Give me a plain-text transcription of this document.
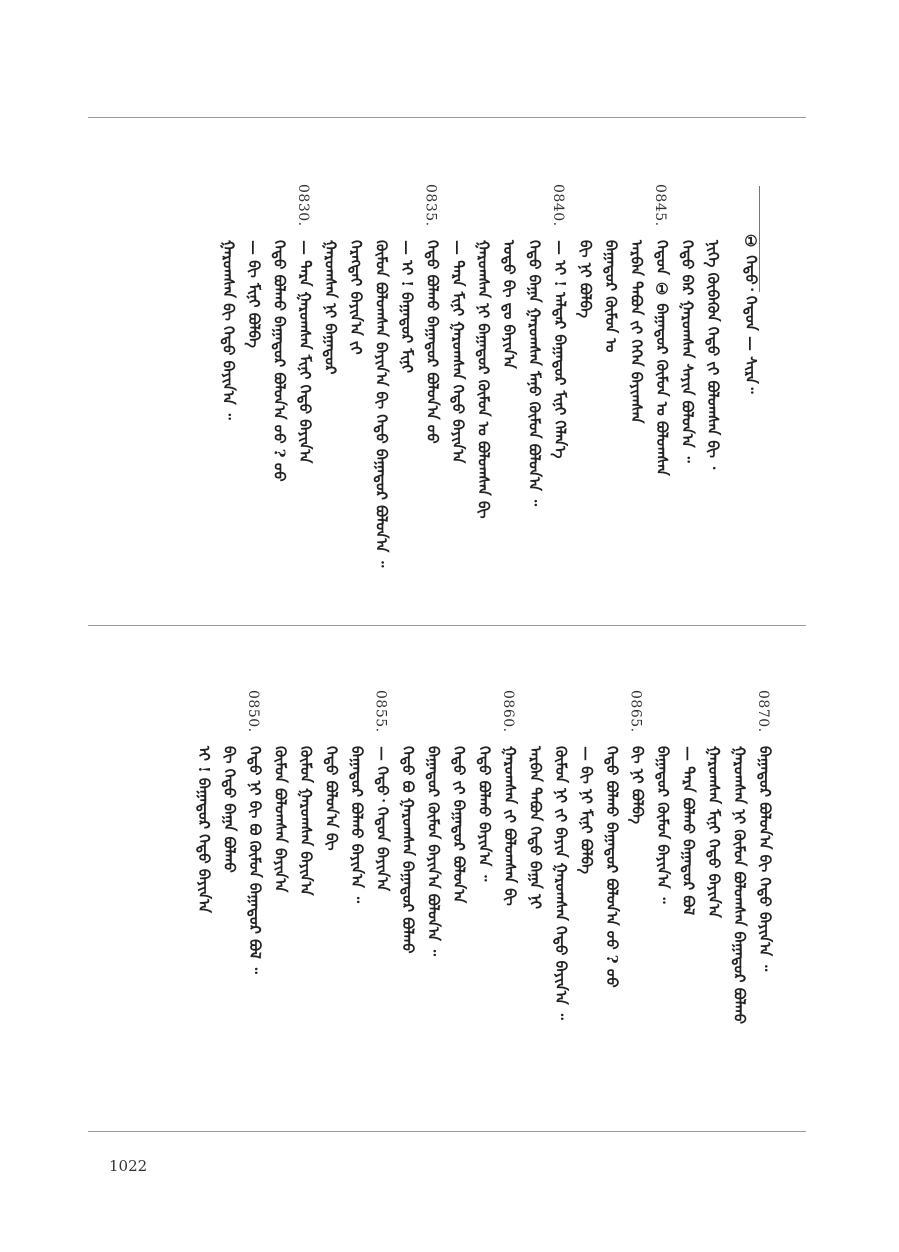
ᠨᠢᠭᠡ ᠬᠥᠪᠡᠭᠦᠨ ᠬᠡᠳᠦ ᠵᠢ ᠪᠤᠯᠤᠭᠰᠠᠨ ᠪᠢ ᠂
ᠬᠡᠳᠦ ᠪᠡᠷ ᠭᠠᠷᠤᠭᠰᠠᠨ ᠰᠠᠶᠢᠨ ᠪᠣᠯᠤᠨ᠎ᠠ ᠃
0845.
ᠬᠡᠳᠦᠨ ① ᠪᠠᠭᠠᠲᠤᠷ ᠬᠦᠮᠦᠨ ᠤ ᠪᠣᠯᠤᠭᠰᠠᠨ
ᠠᠷᠪᠠᠨ ᠲᠠᠪᠤᠨ ᠵᠢ ᠭᠡᠭᠡᠨ ᠪᠠᠶᠢᠭᠰᠠᠨ
ᠪᠠᠭᠠᠲᠤᠷ ᠬᠦᠮᠦᠨ ᠤ
ᠪᠢ ᠨᠢ ᠪᠣᠯᠪᠠ
0840.
— ᠡᠢ ! ᠠᠯᠳᠠᠷ ᠪᠠᠭᠠᠲᠤᠷ ᠮᠢᠨᠢ ᠬᠡᠯᠡᠨ᠎ᠡ
ᠬᠡᠳᠦ ᠪᠠᠭᠠ ᠭᠠᠷᠤᠭᠰᠠᠨ ᠮᠠᠨᠤ ᠬᠦᠮᠦᠨ ᠪᠣᠯᠤᠨ᠎ᠠ ᠃
ᠣᠳᠣ ᠪᠢ ᠳᠤ ᠪᠠᠶᠢᠨ᠎ᠠ
ᠭᠠᠷᠤᠭᠰᠠᠨ ᠨᠢ ᠪᠠᠭᠠᠲᠤᠷ ᠬᠦᠮᠦᠨ ᠤ ᠪᠣᠯᠤᠭᠰᠠᠨ ᠪᠢ
— ᠲᠡᠷᠡ ᠮᠢᠨᠢ ᠭᠠᠷᠤᠭᠰᠠᠨ ᠬᠡᠳᠦ ᠪᠠᠶᠢᠨ᠎ᠠ
0835.
ᠬᠡᠳᠦ ᠪᠣᠯᠬᠤ ᠪᠠᠭᠠᠲᠤᠷ ᠪᠣᠯᠤᠨ᠎ᠠ ᠤᠤ
— ᠡᠢ ! ᠪᠠᠭᠠᠲᠤᠷ ᠮᠢᠨᠢ
ᠬᠦᠮᠦᠨ ᠪᠣᠯᠤᠭᠰᠠᠨ ᠪᠠᠶᠢᠨ᠎ᠠ ᠪᠢ ᠬᠡᠳᠦ ᠪᠠᠭᠠᠲᠤᠷ ᠪᠣᠯᠤᠨ᠎ᠠ ᠃
ᠬᠡᠷᠡᠭᠲᠡᠢ ᠪᠠᠶᠢᠨ᠎ᠠ ᠵᠢ
ᠭᠠᠷᠤᠭᠰᠠᠨ ᠨᠢ ᠪᠠᠭᠠᠲᠤᠷ
0830.
— ᠲᠡᠷᠡ ᠭᠠᠷᠤᠭᠰᠠᠨ ᠮᠢᠨᠢ ᠬᠡᠳᠦ ᠪᠠᠶᠢᠨ᠎ᠠ
ᠬᠡᠳᠦ ᠪᠣᠯᠬᠤ ᠪᠠᠭᠠᠲᠤᠷ ᠪᠣᠯᠤᠨ᠎ᠠ ᠤᠤ ? ᠤᠤ
— ᠪᠢ ᠮᠢᠨᠢ ᠪᠣᠯᠪᠠ
ᠭᠠᠷᠤᠭᠰᠠᠨ ᠪᠢ ᠬᠡᠳᠦ ᠪᠠᠶᠢᠨ᠎ᠠ ᠃
0870.
ᠪᠠᠭᠠᠲᠤᠷ ᠪᠣᠯᠤᠨ᠎ᠠ ᠪᠢ ᠬᠡᠳᠦ ᠪᠠᠶᠢᠨ᠎ᠠ ᠃
ᠭᠠᠷᠤᠭᠰᠠᠨ ᠨᠢ ᠬᠦᠮᠦᠨ ᠪᠣᠯᠤᠭᠰᠠᠨ ᠪᠠᠭᠠᠲᠤᠷ ᠪᠣᠯᠬᠤ
ᠭᠠᠷᠤᠭᠰᠠᠨ ᠮᠢᠨᠢ ᠬᠡᠳᠦ ᠪᠠᠶᠢᠨ᠎ᠠ
— ᠲᠡᠷᠡ ᠪᠣᠯᠬᠤ ᠪᠠᠭᠠᠲᠤᠷ ᠪᠣᠯ
ᠪᠠᠭᠠᠲᠤᠷ ᠬᠦᠮᠦᠨ ᠪᠠᠶᠢᠨ᠎ᠠ ᠃
0865.
ᠪᠢ ᠨᠢ ᠪᠣᠯᠪᠠ
ᠬᠡᠳᠦ ᠪᠣᠯᠬᠤ ᠪᠠᠭᠠᠲᠤᠷ ᠪᠣᠯᠤᠨ᠎ᠠ ᠤᠤ ? ᠤᠤ
— ᠪᠢ ᠨᠢ ᠮᠢᠨᠢ ᠪᠣᠯᠪᠠ
ᠬᠦᠮᠦᠨ ᠨᠢ ᠵᠢ ᠪᠠᠶᠢᠨ ᠭᠠᠷᠤᠭᠰᠠᠨ ᠬᠡᠳᠦ ᠪᠠᠶᠢᠨ᠎ᠠ ᠃
ᠠᠷᠪᠠᠨ ᠲᠠᠪᠤᠨ ᠬᠡᠳᠦ ᠪᠠᠭᠠ ᠨᠢ
0860.
ᠭᠠᠷᠤᠭᠰᠠᠨ ᠵᠢ ᠪᠣᠯᠤᠭᠰᠠᠨ ᠪᠢ
ᠬᠡᠳᠦ ᠪᠣᠯᠬᠤ ᠪᠠᠶᠢᠨ᠎ᠠ ᠃
ᠬᠡᠳᠦ ᠵᠢ ᠪᠠᠭᠠᠲᠤᠷ ᠪᠣᠯᠤᠨ᠎ᠠ
ᠪᠠᠭᠠᠲᠤᠷ ᠬᠦᠮᠦᠨ ᠪᠠᠶᠢᠨ᠎ᠠ ᠪᠣᠯᠤᠨ᠎ᠠ ᠃
ᠬᠡᠳᠦ ᠪᠤ ᠭᠠᠷᠤᠭᠰᠠᠨ ᠪᠠᠭᠠᠲᠤᠷ ᠪᠣᠯᠬᠤ
0855.
— ᠬᠡᠳᠦ᠂ ᠬᠡᠳᠦᠨ ᠪᠠᠶᠢᠨ᠎ᠠ
ᠪᠠᠭᠠᠲᠤᠷ ᠪᠣᠯᠬᠤ ᠪᠠᠶᠢᠨ᠎ᠠ ᠃
ᠬᠡᠳᠦ ᠪᠣᠯᠤᠨ᠎ᠠ ᠪᠢ
ᠬᠦᠮᠦᠨ ᠭᠠᠷᠤᠭᠰᠠᠨ ᠪᠠᠶᠢᠨ᠎ᠠ
ᠬᠦᠮᠦᠨ ᠪᠣᠯᠤᠭᠰᠠᠨ ᠪᠠᠶᠢᠨ᠎ᠠ
0850.
ᠬᠡᠳᠦ ᠨᠢ ᠪᠢ ᠪᠣ ᠬᠦᠮᠦᠨ ᠪᠠᠭᠠᠲᠤᠷ ᠪᠣᠯ ᠃
ᠪᠢ ᠬᠡᠳᠦ ᠪᠠᠭᠠ ᠪᠣᠯᠬᠤ
ᠡᠢ ! ᠪᠠᠭᠠᠲᠤᠷ ᠬᠡᠳᠦ ᠪᠠᠶᠢᠨ᠎ᠠ
① ᠬᠡᠳᠦ᠂ ᠬᠡᠳᠦᠨ — ᠰᠢᠷᠠ᠃
1022
